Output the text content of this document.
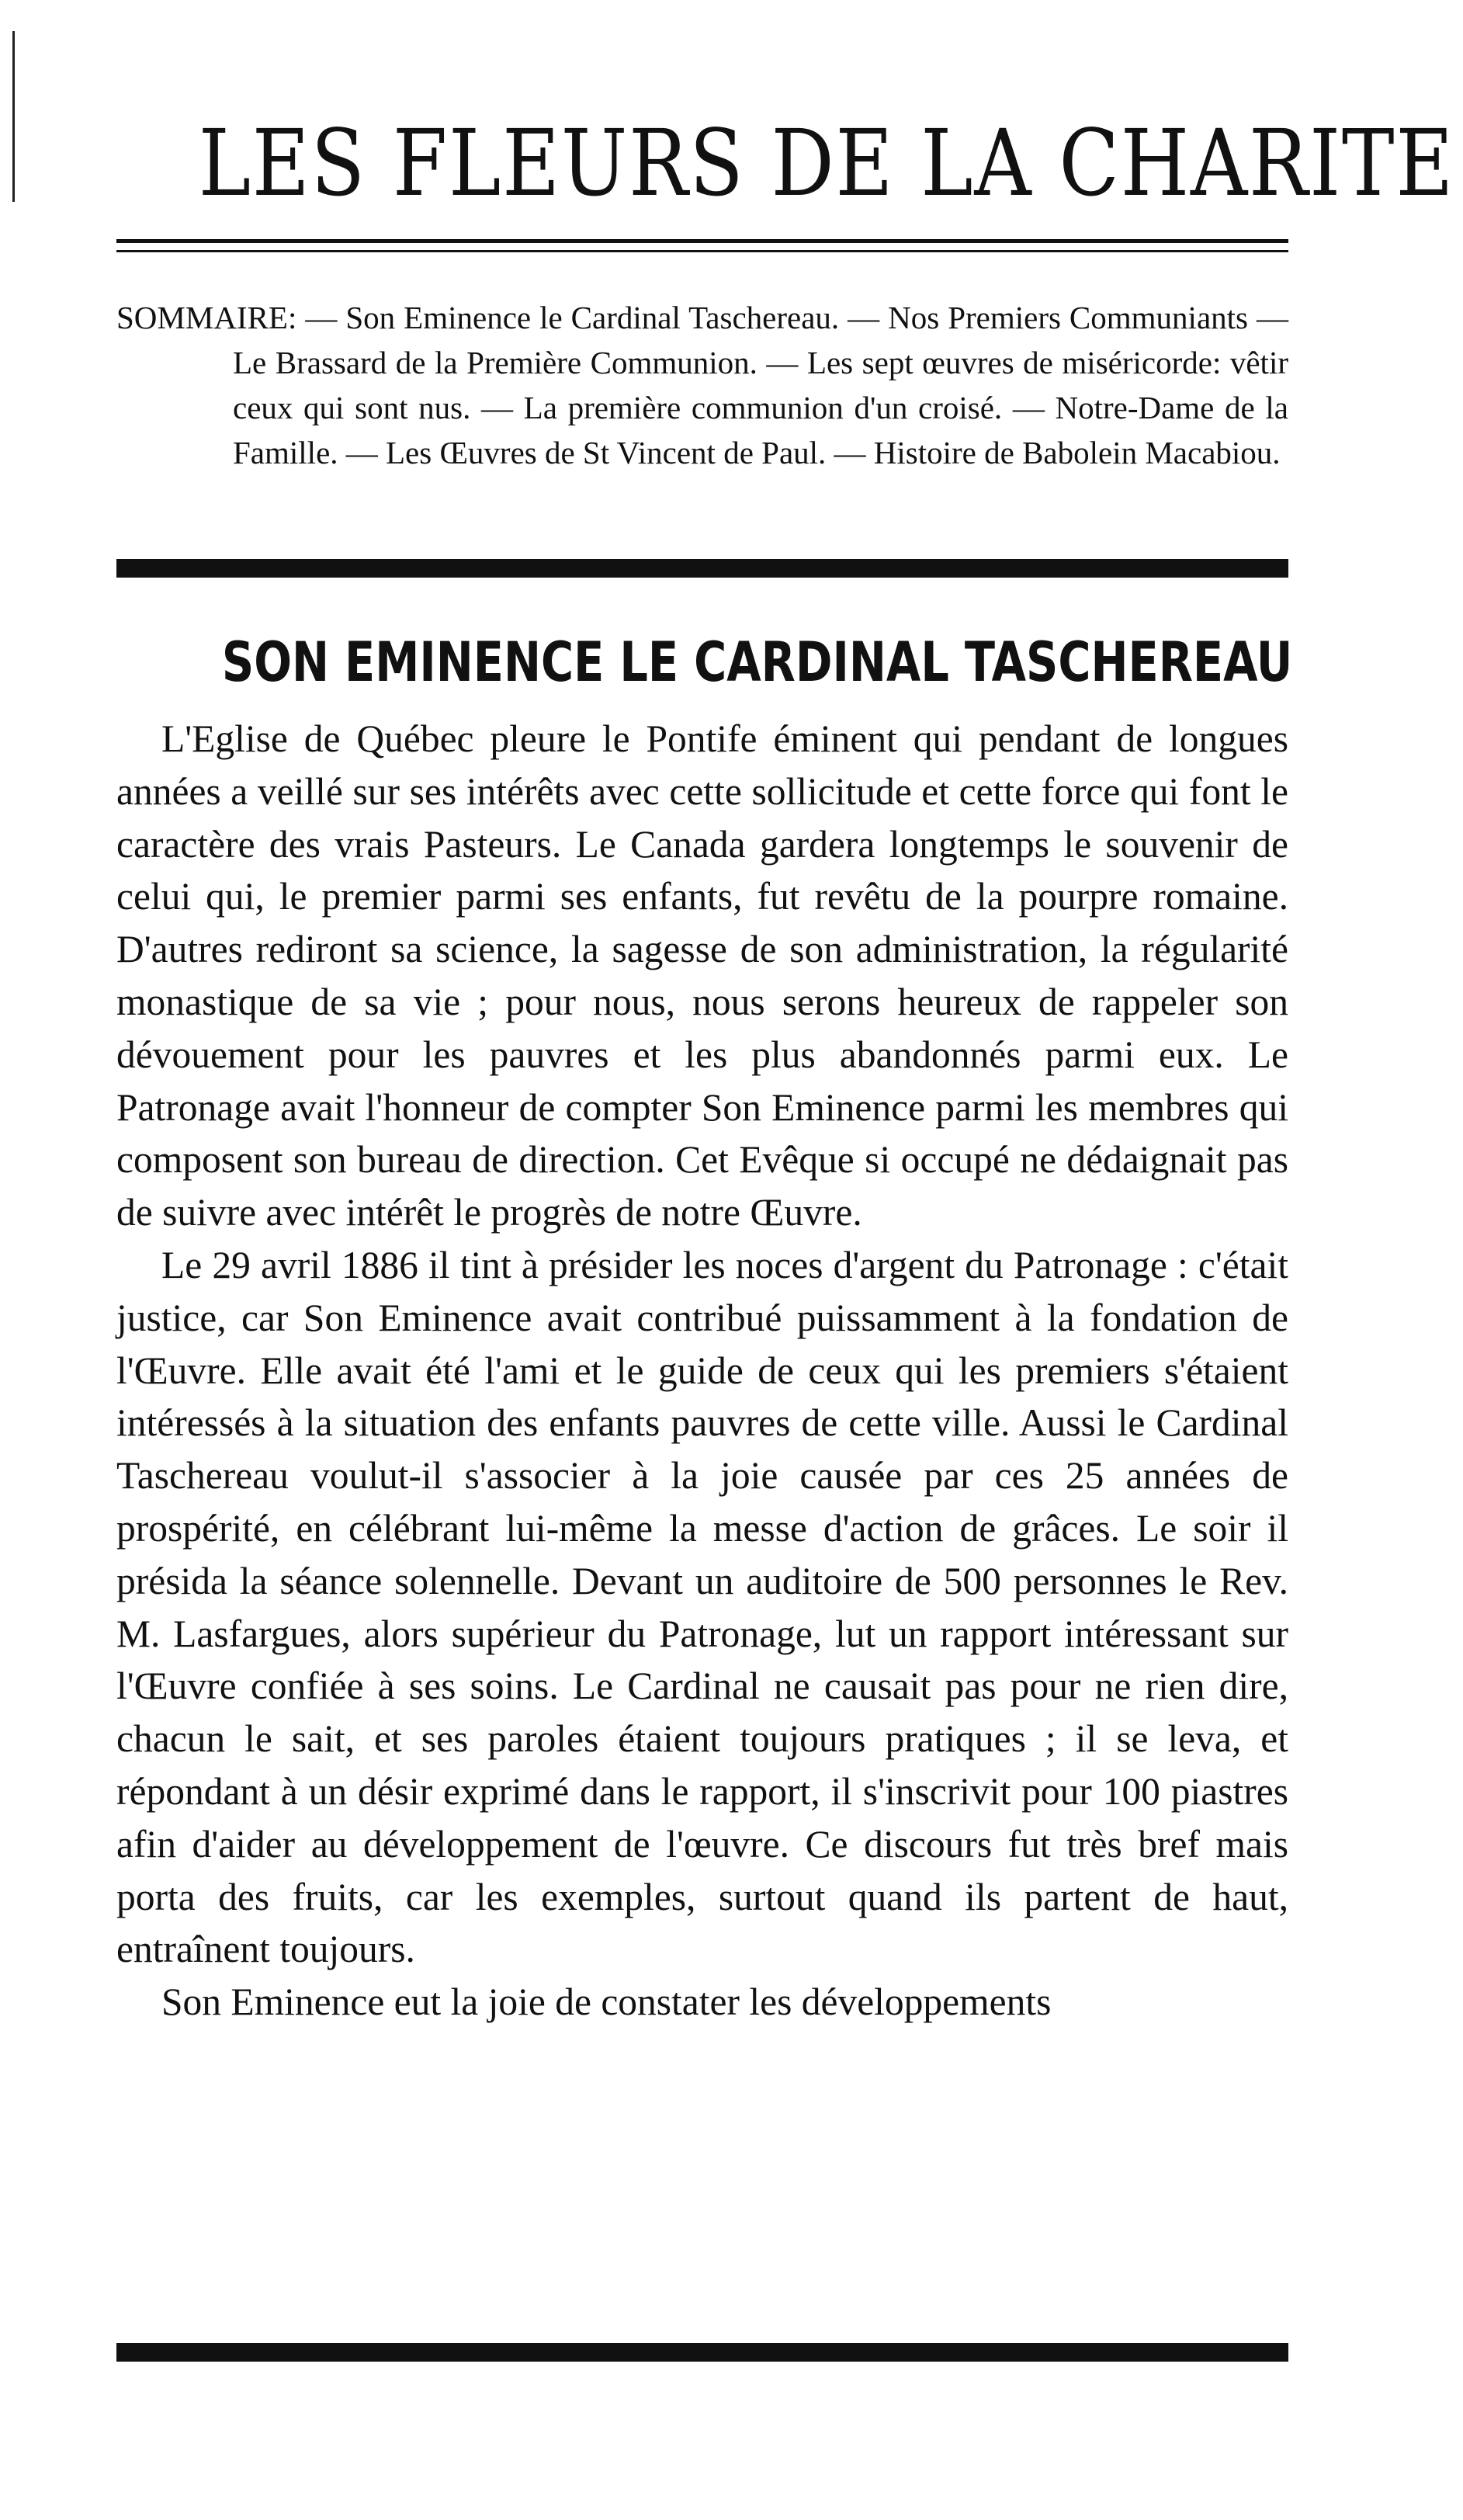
LES FLEURS DE LA CHARITE
SOMMAIRE: — Son Eminence le Cardinal Taschereau. — Nos Premiers Communiants — Le Brassard de la Première Communion. — Les sept œuvres de miséricorde: vêtir ceux qui sont nus. — La première communion d'un croisé. — Notre-Dame de la Famille. — Les Œuvres de St Vincent de Paul. — Histoire de Babolein Macabiou.
SON EMINENCE LE CARDINAL TASCHEREAU

L'Eglise de Québec pleure le Pontife éminent qui pendant de longues années a veillé sur ses intérêts avec cette sollicitude et cette force qui font le caractère des vrais Pasteurs. Le Canada gardera longtemps le souvenir de celui qui, le premier parmi ses enfants, fut revêtu de la pourpre romaine. D'autres rediront sa science, la sagesse de son administration, la régularité monastique de sa vie ; pour nous, nous serons heureux de rappeler son dévouement pour les pauvres et les plus abandonnés parmi eux. Le Patronage avait l'honneur de compter Son Eminence parmi les membres qui composent son bureau de direction. Cet Evêque si occupé ne dédaignait pas de suivre avec intérêt le progrès de notre Œuvre.

Le 29 avril 1886 il tint à présider les noces d'argent du Patronage : c'était justice, car Son Eminence avait contribué puissamment à la fondation de l'Œuvre. Elle avait été l'ami et le guide de ceux qui les premiers s'étaient intéressés à la situation des enfants pauvres de cette ville. Aussi le Cardinal Taschereau voulut-il s'associer à la joie causée par ces 25 années de prospérité, en célébrant lui-même la messe d'action de grâces. Le soir il présida la séance solennelle. Devant un auditoire de 500 personnes le Rev. M. Lasfargues, alors supérieur du Patronage, lut un rapport intéressant sur l'Œuvre confiée à ses soins. Le Cardinal ne causait pas pour ne rien dire, chacun le sait, et ses paroles étaient toujours pratiques ; il se leva, et répondant à un désir exprimé dans le rapport, il s'inscrivit pour 100 piastres afin d'aider au développement de l'œuvre. Ce discours fut très bref mais porta des fruits, car les exemples, surtout quand ils partent de haut, entraînent toujours.

Son Eminence eut la joie de constater les développements
